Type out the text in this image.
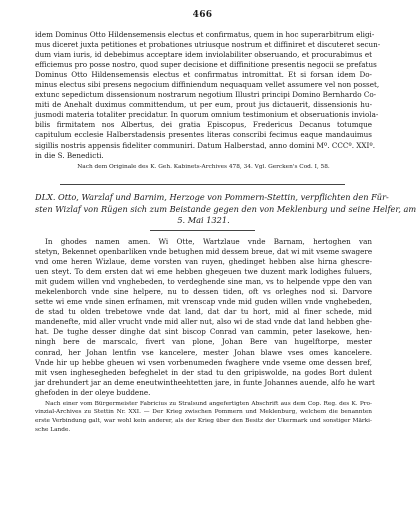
466
idem Dominus Otto Hildensemensis electus et confirmatus, quem in hoc superarbitrum eligi-
mus diceret juxta petitiones et probationes utriusque nostrum et diffiniret et discuteret secun-
dum viam iuris, id debebimus acceptare idem inviolabiliter obseruando, et procurabimus et
efficiemus pro posse nostro, quod super decisione et diffinitione presentis negocii se prefatus
Dominus Otto Hildensemensis electus et confirmatus intromittat. Et si forsan idem Do-
minus electus sibi presens negocium diffiniendum nequaquam vellet assumere vel non posset,
extunc sepedictum dissensionum nostrarum negotium Illustri principi Domino Bernhardo Co-
miti de Anehalt duximus committendum, ut per eum, prout jus dictauerit, dissensionis hu-
jusmodi materia totaliter precidatur. In quorum omnium testimonium et obseruationis inviola-
bilis firmitatem nos Albertus, dei gratia Episcopus, Fredericus Decanus totumque
capitulum ecclesie Halberstadensis presentes literas conscribi fecimus eaque mandauimus
sigillis nostris appensis fideliter communiri. Datum Halberstad, anno domini Mº. CCCº. XXIº.
in die S. Benedicti.
Nach dem Originale des K. Geh. Kabinets-Archives 478, 34. Vgl. Gercken's Cod. I, 58.
DLX. Otto, Warzlaf und Barnim, Herzoge von Pommern-Stettin, verpflichten den Für-
sten Wizlaf von Rügen sich zum Beistande gegen den von Meklenburg und seine Helfer, am
5. Mai 1321.
In ghodes namen amen. Wi Otte, Wartzlaue vnde Barnam, hertoghen van
stetyn, Bekennet openbarliken vnde betughen mid dessem breue, dat wi mit vseme swagere
vnd ome heren Wizlaue, deme vorsten van ruyen, ghedinget hebben alse hirna ghescre-
uen steyt. To dem ersten dat wi eme hebben ghegeuen twe duzent mark lodighes fuluers,
mit gudem willen vnd vnghebeden, to verdeghende sine man, vs to helpende vppe den van
mekelenborch vnde sine helpere, nu to dessen tiden, oft vs orleghes nod si. Darvore
sette wi eme vnde sinen erfnamen, mit vrenscap vnde mid guden willen vnde vnghebeden,
de stad tu olden trebetowe vnde dat land, dat dar tu hort, mid al finer schede, mid
mandenefte, mid aller vrucht vnde mid aller nut, also wi de stad vnde dat land hebben ghe-
hat. De tughe desser dinghe dat sint biscop Conrad van cammin, peter lasekowe, hen-
ningh bere de marscalc, fivert van plone, Johan Bere van hugelftorpe, mester
conrad, her Johan lentfin vse kancelere, mester Johan blawe vses omes kancelere.
Vnde hir up hebbe gheuen wi vsen vorbenumeden fwaghere vnde vseme ome dessen bref,
mit vsen inghesegheden befeghelet in der stad tu den gripiswolde, na godes Bort dulent
jar drehundert jar an deme eneutwintheehtetten jare, in funte Johannes auende, alfo he wart
ghefoden in der oleye buddene.
Nach einer vom Bürgermeister Fabricius zu Stralsund angefertigten Abschrift aus dem Cop. Reg. des K. Pro-
vinzial-Archives zu Stettin Nr. XXI. — Der Krieg zwischen Pommern und Meklenburg, welchem die benannten
erste Verbindung galt, war wohl kein anderer, als der Krieg über den Besitz der Ukermark und sonstiger Märki-
sche Lande.
